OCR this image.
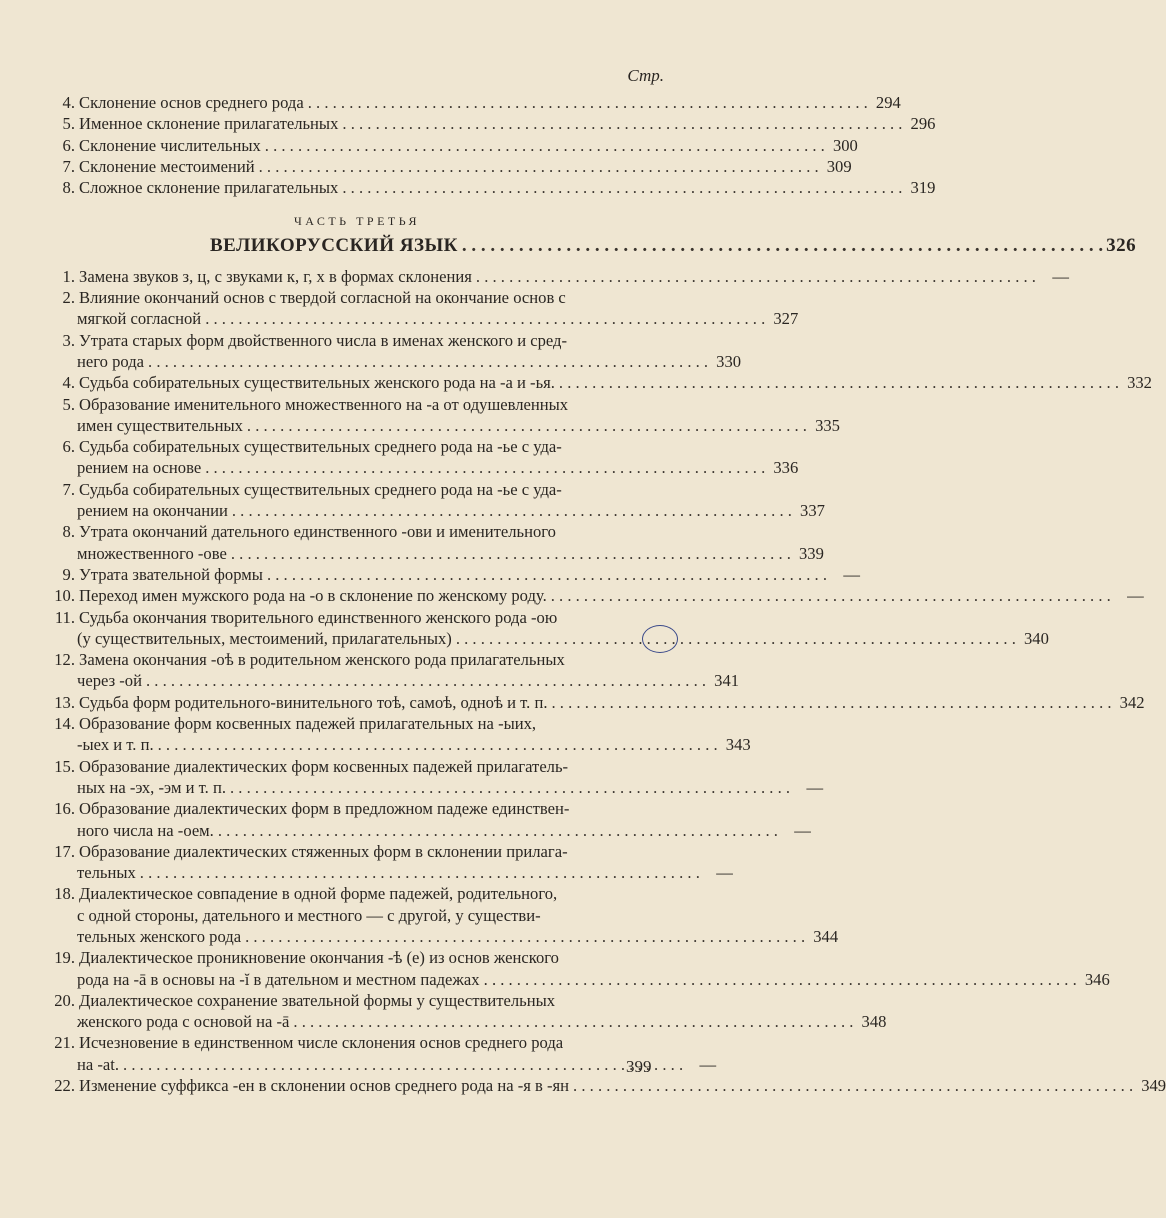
Стр.
4. Склонение основ среднего рода . . .	294
5. Именное склонение прилагательных . . .	296
6. Склонение числительных . . .	300
7. Склонение местоимений . . .	309
8. Сложное склонение прилагательных . . .	319
ЧАСТЬ ТРЕТЬЯ
ВЕЛИКОРУССКИЙ ЯЗЫК . . .	326
1. Замена звуков з, ц, с звуками к, г, х в формах склонения . . .	—
2. Влияние окончаний основ с твердой согласной на окончание основ с
мягкой согласной . . .	327
3. Утрата старых форм двойственного числа в именах женского и сред-
него рода . . .	330
4. Судьба собирательных существительных женского рода на -а и -ья. . . .	332
5. Образование именительного множественного на -а от одушевленных
имен существительных . . .	335
6. Судьба собирательных существительных среднего рода на -ье с уда-
рением на основе . . .	336
7. Судьба собирательных существительных среднего рода на -ье с уда-
рением на окончании . . .	337
8. Утрата окончаний дательного единственного -ови и именительного
множественного -ове . . .	339
9. Утрата звательной формы . . .	—
10. Переход имен мужского рода на -о в склонение по женскому роду. . . .	—
11. Судьба окончания творительного единственного женского рода -ою
(у существительных, местоимений, прилагательных) . . .	340
12. Замена окончания -оѣ в родительном женского рода прилагательных
через -ой . . .	341
13. Судьба форм родительного-винительного тоѣ, самоѣ, одноѣ и т. п. . . .	342
14. Образование форм косвенных падежей прилагательных на -ыих,
-ыех и т. п. . . .	343
15. Образование диалектических форм косвенных падежей прилагатель-
ных на -эх, -эм и т. п. . . .	—
16. Образование диалектических форм в предложном падеже единствен-
ного числа на -оем. . . .	—
17. Образование диалектических стяженных форм в склонении прилага-
тельных . . .	—
18. Диалектическое совпадение в одной форме падежей, родительного,
с одной стороны, дательного и местного — с другой, у существи-
тельных женского рода . . .	344
19. Диалектическое проникновение окончания -ѣ (е) из основ женского
рода на -ā в основы на -ĭ в дательном и местном падежах . . . . . . .	346
20. Диалектическое сохранение звательной формы у существительных
женского рода с основой на -ā . . .	348
21. Исчезновение в единственном числе склонения основ среднего рода
на -at. . . .	—
22. Изменение суффикса -ен в склонении основ среднего рода на -я в -ян . . .	349
399
